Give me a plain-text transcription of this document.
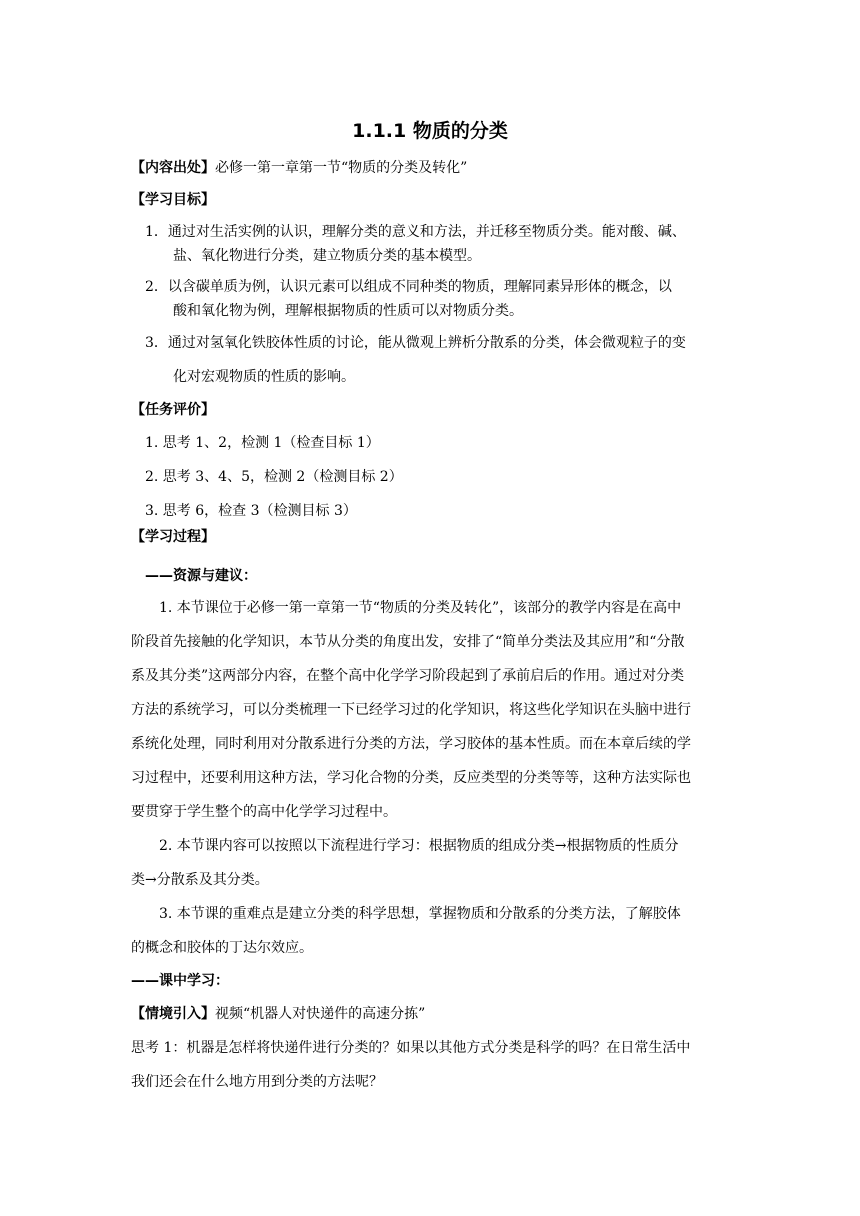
1.1.1 物质的分类
【内容出处】必修一第一章第一节“物质的分类及转化”
【学习目标】
1．通过对生活实例的认识，理解分类的意义和方法，并迁移至物质分类。能对酸、碱、
盐、氧化物进行分类，建立物质分类的基本模型。
2．以含碳单质为例，认识元素可以组成不同种类的物质，理解同素异形体的概念，以
酸和氧化物为例，理解根据物质的性质可以对物质分类。
3．通过对氢氧化铁胶体性质的讨论，能从微观上辨析分散系的分类，体会微观粒子的变
化对宏观物质的性质的影响。
【任务评价】
1. 思考 1、2，检测 1（检查目标 1）
2. 思考 3、4、5，检测 2（检测目标 2）
3. 思考 6，检查 3（检测目标 3）
【学习过程】
——资源与建议：
1. 本节课位于必修一第一章第一节“物质的分类及转化”，该部分的教学内容是在高中
阶段首先接触的化学知识，本节从分类的角度出发，安排了“简单分类法及其应用”和“分散
系及其分类”这两部分内容，在整个高中化学学习阶段起到了承前启后的作用。通过对分类
方法的系统学习，可以分类梳理一下已经学习过的化学知识，将这些化学知识在头脑中进行
系统化处理，同时利用对分散系进行分类的方法，学习胶体的基本性质。而在本章后续的学
习过程中，还要利用这种方法，学习化合物的分类，反应类型的分类等等，这种方法实际也
要贯穿于学生整个的高中化学学习过程中。
2. 本节课内容可以按照以下流程进行学习：根据物质的组成分类→根据物质的性质分
类→分散系及其分类。
3. 本节课的重难点是建立分类的科学思想，掌握物质和分散系的分类方法，了解胶体
的概念和胶体的丁达尔效应。
——课中学习：
【情境引入】视频“机器人对快递件的高速分拣”
思考 1：机器是怎样将快递件进行分类的？如果以其他方式分类是科学的吗？在日常生活中
我们还会在什么地方用到分类的方法呢？
